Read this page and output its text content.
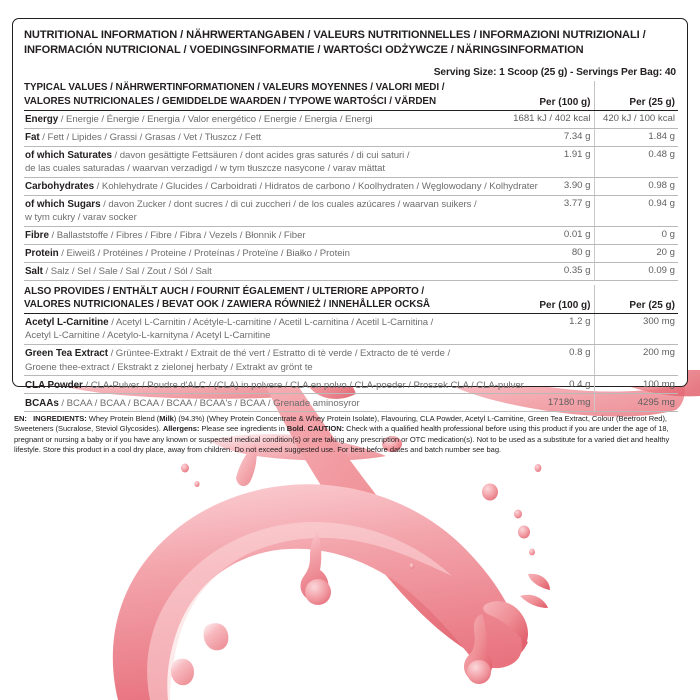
NUTRITIONAL INFORMATION / NÄHRWERTANGABEN / VALEURS NUTRITIONNELLES / INFORMAZIONI NUTRIZIONALI /
INFORMACIÓN NUTRICIONAL / VOEDINGSINFORMATIE / WARTOŚCI ODŻYWCZE / NÄRINGSINFORMATION
Serving Size: 1 Scoop (25 g) - Servings Per Bag: 40
TYPICAL VALUES / NÄHRWERTINFORMATIONEN / VALEURS MOYENNES / VALORI MEDI /
VALORES NUTRICIONALES / GEMIDDELDE WAARDEN / TYPOWE WARTOŚCI / VÄRDEN	Per (100 g)	Per (25 g)
Energy / Energie / Énergie / Energia / Valor energético / Energie / Energia / Energi	1681 kJ / 402 kcal	420 kJ / 100 kcal
Fat / Fett / Lipides / Grassi / Grasas / Vet / Tłuszcz / Fett	7.34 g	1.84 g
of which Saturates / davon gesättigte Fettsäuren / dont acides gras saturés / di cui saturi /
de las cuales saturadas / waarvan verzadigd / w tym tłuszcze nasycone / varav mättat	1.91 g	0.48 g
Carbohydrates / Kohlehydrate / Glucides / Carboidrati / Hidratos de carbono / Koolhydraten / Węglowodany / Kolhydrater	3.90 g	0.98 g
of which Sugars / davon Zucker / dont sucres / di cui zuccheri / de los cuales azúcares / waarvan suikers /
w tym cukry / varav socker	3.77 g	0.94 g
Fibre / Ballaststoffe / Fibres / Fibre / Fibra / Vezels / Błonnik / Fiber	0.01 g	0 g
Protein / Eiweiß / Protéines / Proteine / Proteínas / Proteïne / Białko / Protein	80 g	20 g
Salt / Salz / Sel / Sale / Sal / Zout / Sól / Salt	0.35 g	0.09 g
ALSO PROVIDES / ENTHÄLT AUCH / FOURNIT ÉGALEMENT / ULTERIORE APPORTO /
VALORES NUTRICIONALES / BEVAT OOK / ZAWIERA RÓWNIEŻ / INNEHÅLLER OCKSÅ	Per (100 g)	Per (25 g)
Acetyl L-Carnitine / Acetyl L-Carnitin / Acétyle-L-carnitine / Acetil L-carnitina / Acetil L-Carnitina /
Acetyl L-Carnitine / Acetylo-L-karnityna / Acetyl L-Carnitine	1.2 g	300 mg
Green Tea Extract / Grüntee-Extrakt / Extrait de thé vert / Estratto di tè verde / Extracto de té verde /
Groene thee-extract / Ekstrakt z zielonej herbaty / Extrakt av grönt te	0.8 g	200 mg
CLA Powder / CLA-Pulver / Poudre d'ALC / (CLA) in polvere / CLA en polvo / CLA-poeder / Proszek CLA / CLA-pulver	0.4 g	100 mg
BCAAs / BCAA / BCAA / BCAA / BCAA / BCAA's / BCAA / Grenade aminosyror	17180 mg	4295 mg
EN: INGREDIENTS: Whey Protein Blend (Milk) (94.3%) (Whey Protein Concentrate & Whey Protein Isolate), Flavouring, CLA Powder, Acetyl L-Carnitine, Green Tea Extract, Colour (Beetroot Red), Sweeteners (Sucralose, Steviol Glycosides). Allergens: Please see ingredients in Bold. CAUTION: Check with a qualified health professional before using this product if you are under the age of 18, pregnant or nursing a baby or if you have any known or suspected medical condition(s) or are taking any prescription or OTC medication(s). Not to be used as a substitute for a varied diet and healthy lifestyle. Store this product in a cool dry place, away from children. Do not exceed suggested use. For best before dates and batch number see bag.
